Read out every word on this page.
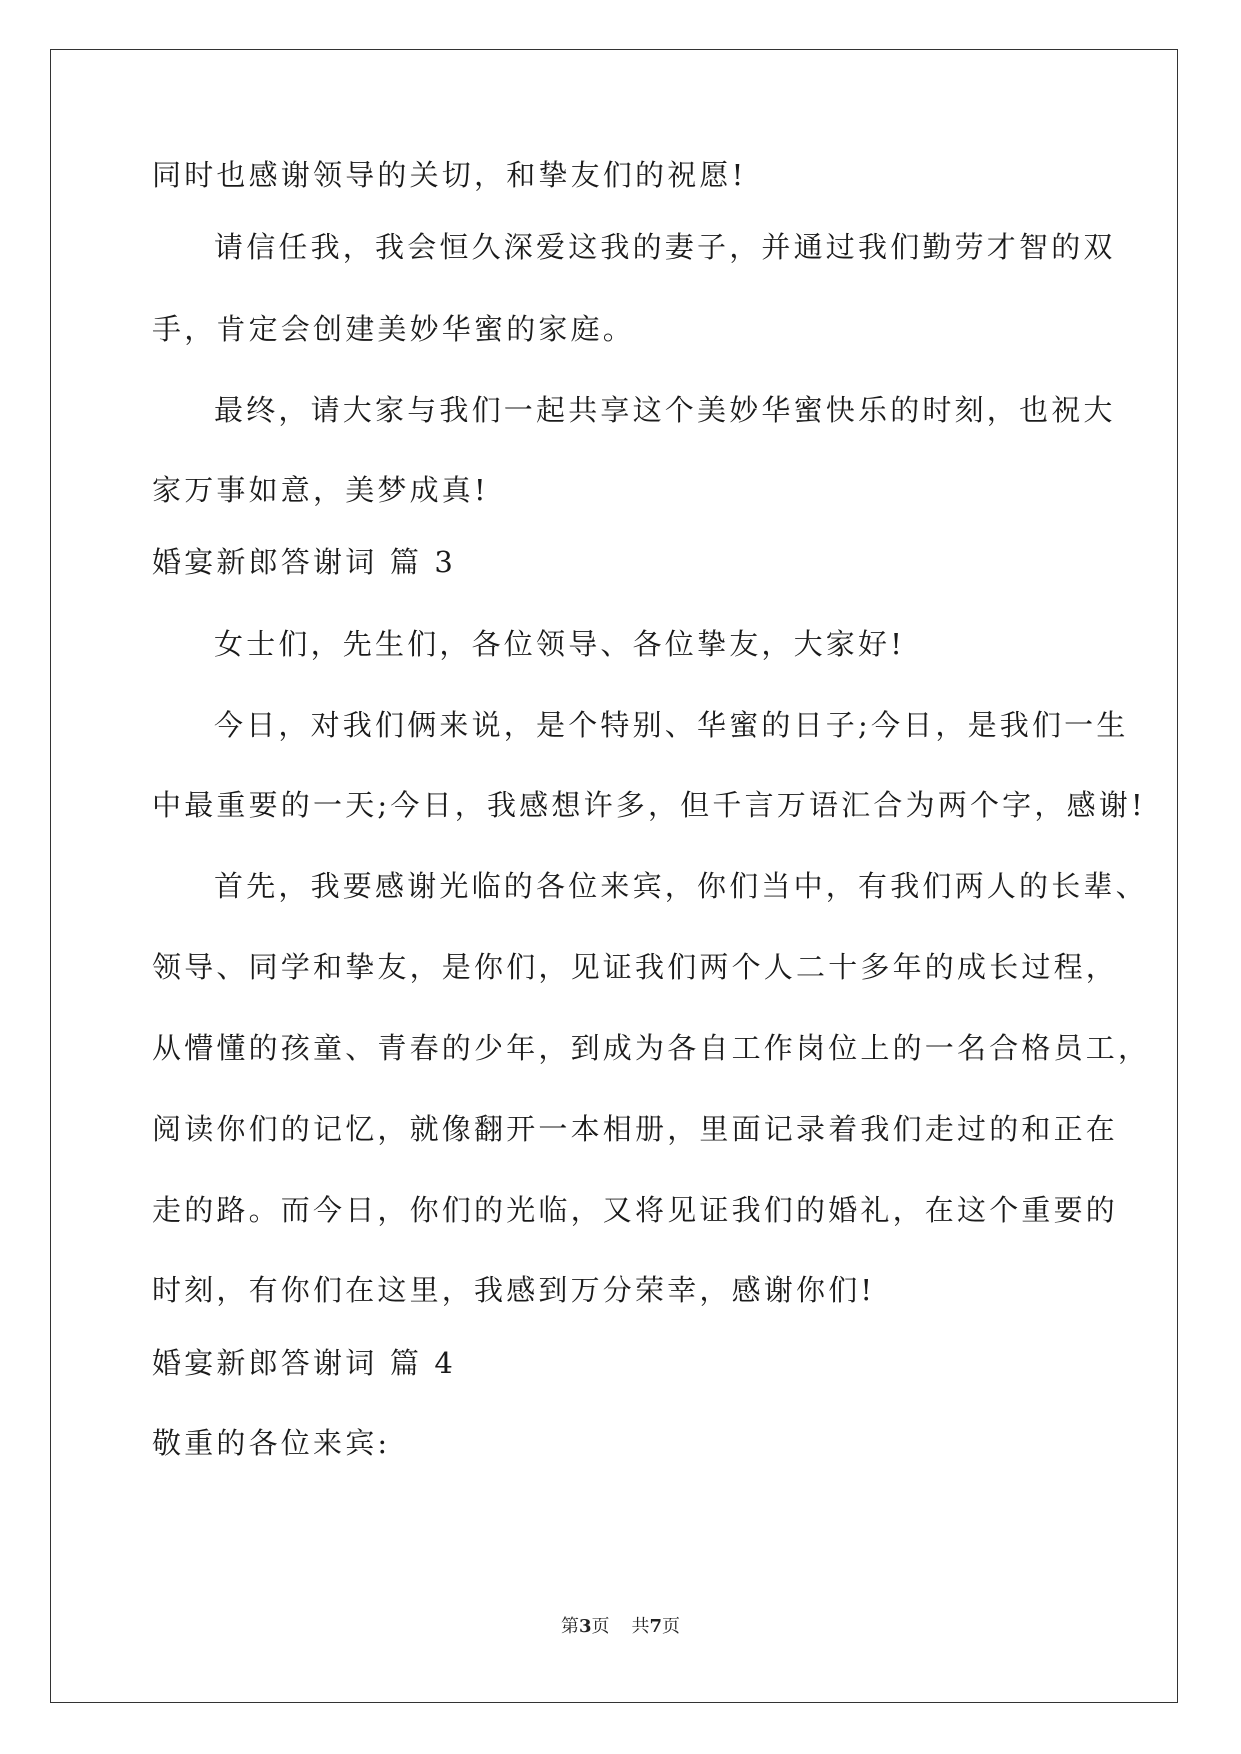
同时也感谢领导的关切，和挚友们的祝愿!
请信任我，我会恒久深爱这我的妻子，并通过我们勤劳才智的双
手，肯定会创建美妙华蜜的家庭。
最终，请大家与我们一起共享这个美妙华蜜快乐的时刻，也祝大
家万事如意，美梦成真!
婚宴新郎答谢词 篇 3
女士们，先生们，各位领导、各位挚友，大家好!
今日，对我们俩来说，是个特别、华蜜的日子;今日，是我们一生
中最重要的一天;今日，我感想许多，但千言万语汇合为两个字，感谢!
首先，我要感谢光临的各位来宾，你们当中，有我们两人的长辈、
领导、同学和挚友，是你们，见证我们两个人二十多年的成长过程，
从懵懂的孩童、青春的少年，到成为各自工作岗位上的一名合格员工，
阅读你们的记忆，就像翻开一本相册，里面记录着我们走过的和正在
走的路。而今日，你们的光临，又将见证我们的婚礼，在这个重要的
时刻，有你们在这里，我感到万分荣幸，感谢你们!
婚宴新郎答谢词 篇 4
敬重的各位来宾:
第3页 共7页
